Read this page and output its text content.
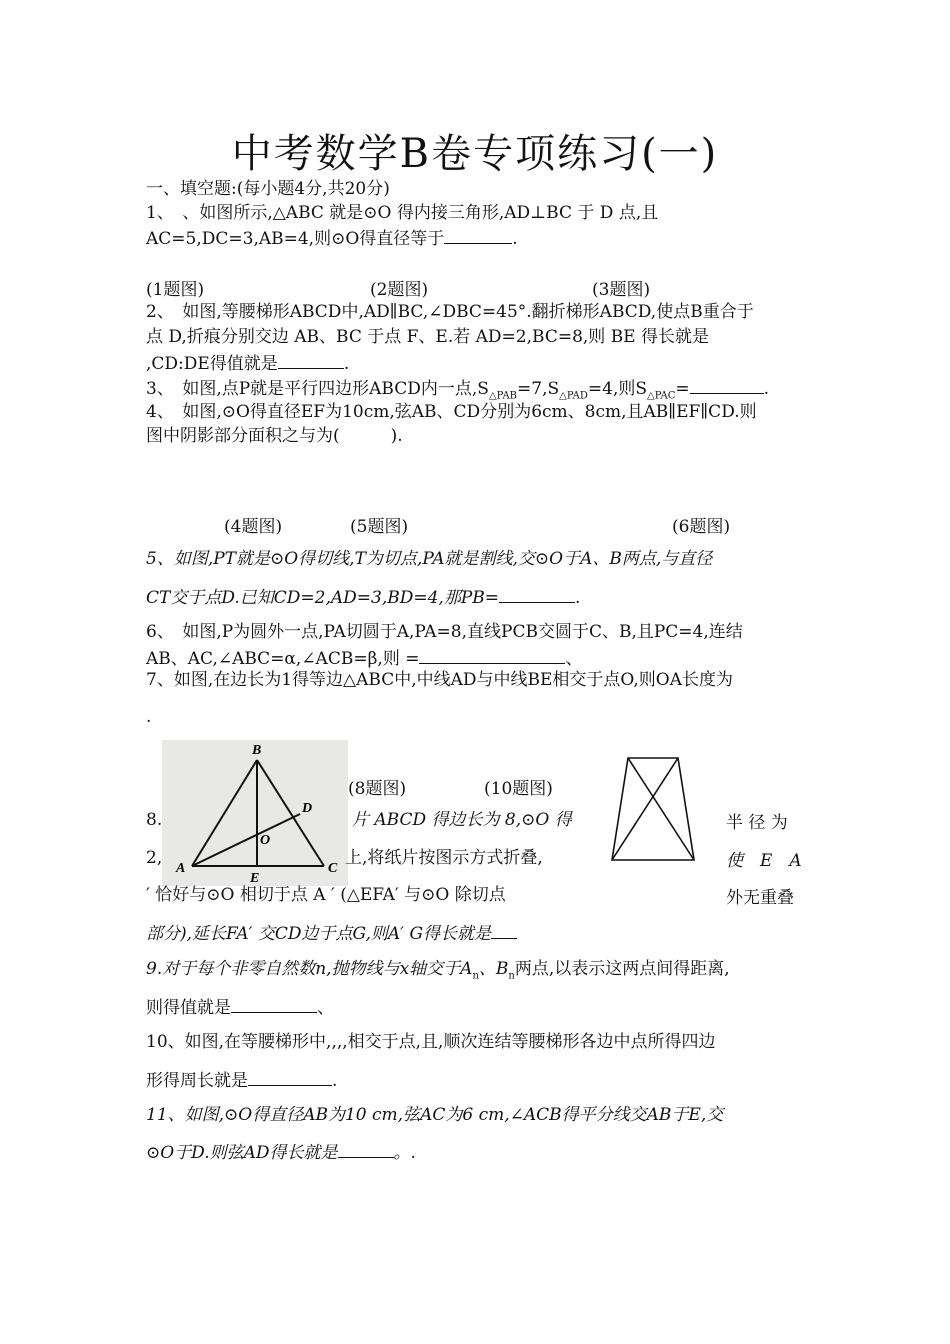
中考数学B卷专项练习(一)
一、填空题:(每小题4分,共20分)
1、　、如图所示,△ABC 就是⊙O 得内接三角形,AD⊥BC 于 D 点,且
AC=5,DC=3,AB=4,则⊙O得直径等于	.
(1题图)	(2题图)	(3题图)
2、　如图,等腰梯形ABCD中,AD∥BC,∠DBC=45°.翻折梯形ABCD,使点B重合于
点 D,折痕分别交边 AB、BC 于点 F、E.若 AD=2,BC=8,则 BE 得长就是
,CD:DE得值就是	.
3、　如图,点P就是平行四边形ABCD内一点$,S_{\triangle PAB}=7,S_{\triangle PAD}=4$,则$S_{\triangle PAC}=$	.
4、　如图,⊙O得直径EF为10cm,弦AB、CD分别为6cm、8cm,且AB∥EF∥CD.则
图中阴影部分面积之与为(　　　).
(4题图)	(5题图)	(6题图)
5、如图,PT就是⊙O得切线,T为切点,PA就是割线,交⊙O于A、B两点,与直径
CT交于点D.已知CD=2,AD=3,BD=4,那PB=	.
6、　如图,P为圆外一点,PA切圆于A,PA=8,直线PCB交圆于C、B,且PC=4,连结
AB、AC,∠ABC=α,∠ACB=β,则 =	、
7、如图,在边长为1得等边△ABC中,中线AD与中线BE相交于点O,则OA长度为
.
B
D
O
A
E
C
(8题图)	(10题图)
8.	片 ABCD 得边长为 8,⊙O 得	半 径 为
2,	上,将纸片按图示方式折叠,	使　E　A
′ 恰好与⊙O 相切于点 A ′ (△EFA′ 与⊙O 除切点	外无重叠
部分),延长FA′ 交CD边于点G,则A′ G得长就是
9.对于每个非零自然数n,抛物线与x轴交于$A_n$、$B_n$两点,以表示这两点间得距离,
则得值就是	、
10、如图,在等腰梯形中,,,,相交于点,且,顺次连结等腰梯形各边中点所得四边
形得周长就是	.
11、如图,⊙O得直径AB为10 cm,弦AC为6 cm,∠ACB得平分线交AB于E,交
⊙O于D.则弦AD得长就是	。.
